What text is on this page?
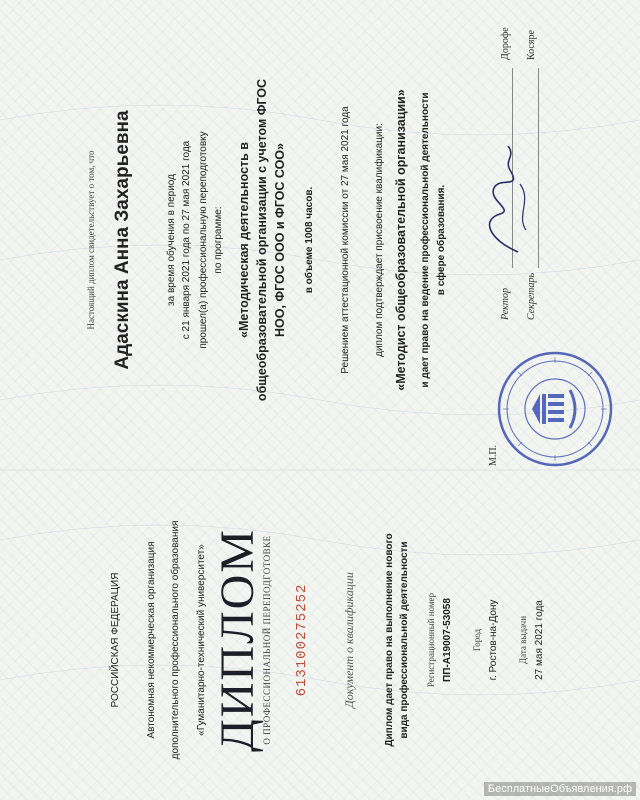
РОССИЙСКАЯ ФЕДЕРАЦИЯ	Автономная некоммерческая организация дополнительного профессионального образования «Гуманитарно-технический университет» ДИПЛОМ
О ПРОФЕССИОНАЛЬНОЙ ПЕРЕПОДГОТОВКЕ 613100275252	Документ о квалификации	Диплом дает право на выполнение нового вида профессиональной деятельности Регистрационный номер ПП-А19007-53058 Город г. Ростов-на-Дону Дата выдачи 27 мая 2021 года
Настоящий диплом свидетельствует о том, что Адаскина Анна Захарьевна	за время обучения в период с 21 января 2021 года по 27 мая 2021 года прошел(а) профессиональную переподготовку по программе: «Методическая деятельность в общеобразовательной организации с учетом ФГОС НОО, ФГОС ООО и ФГОС СОО» в объеме 1008 часов.	Решением аттестационной комиссии от 27 мая 2021 года диплом подтверждает присвоение квалификации: «Методист общеобразовательной организации» и дает право на ведение профессиональной деятельности в сфере образования.
М.П.
Ректор Секретарь
Дорофе Косяре
БесплатныеОбъявления.рф
